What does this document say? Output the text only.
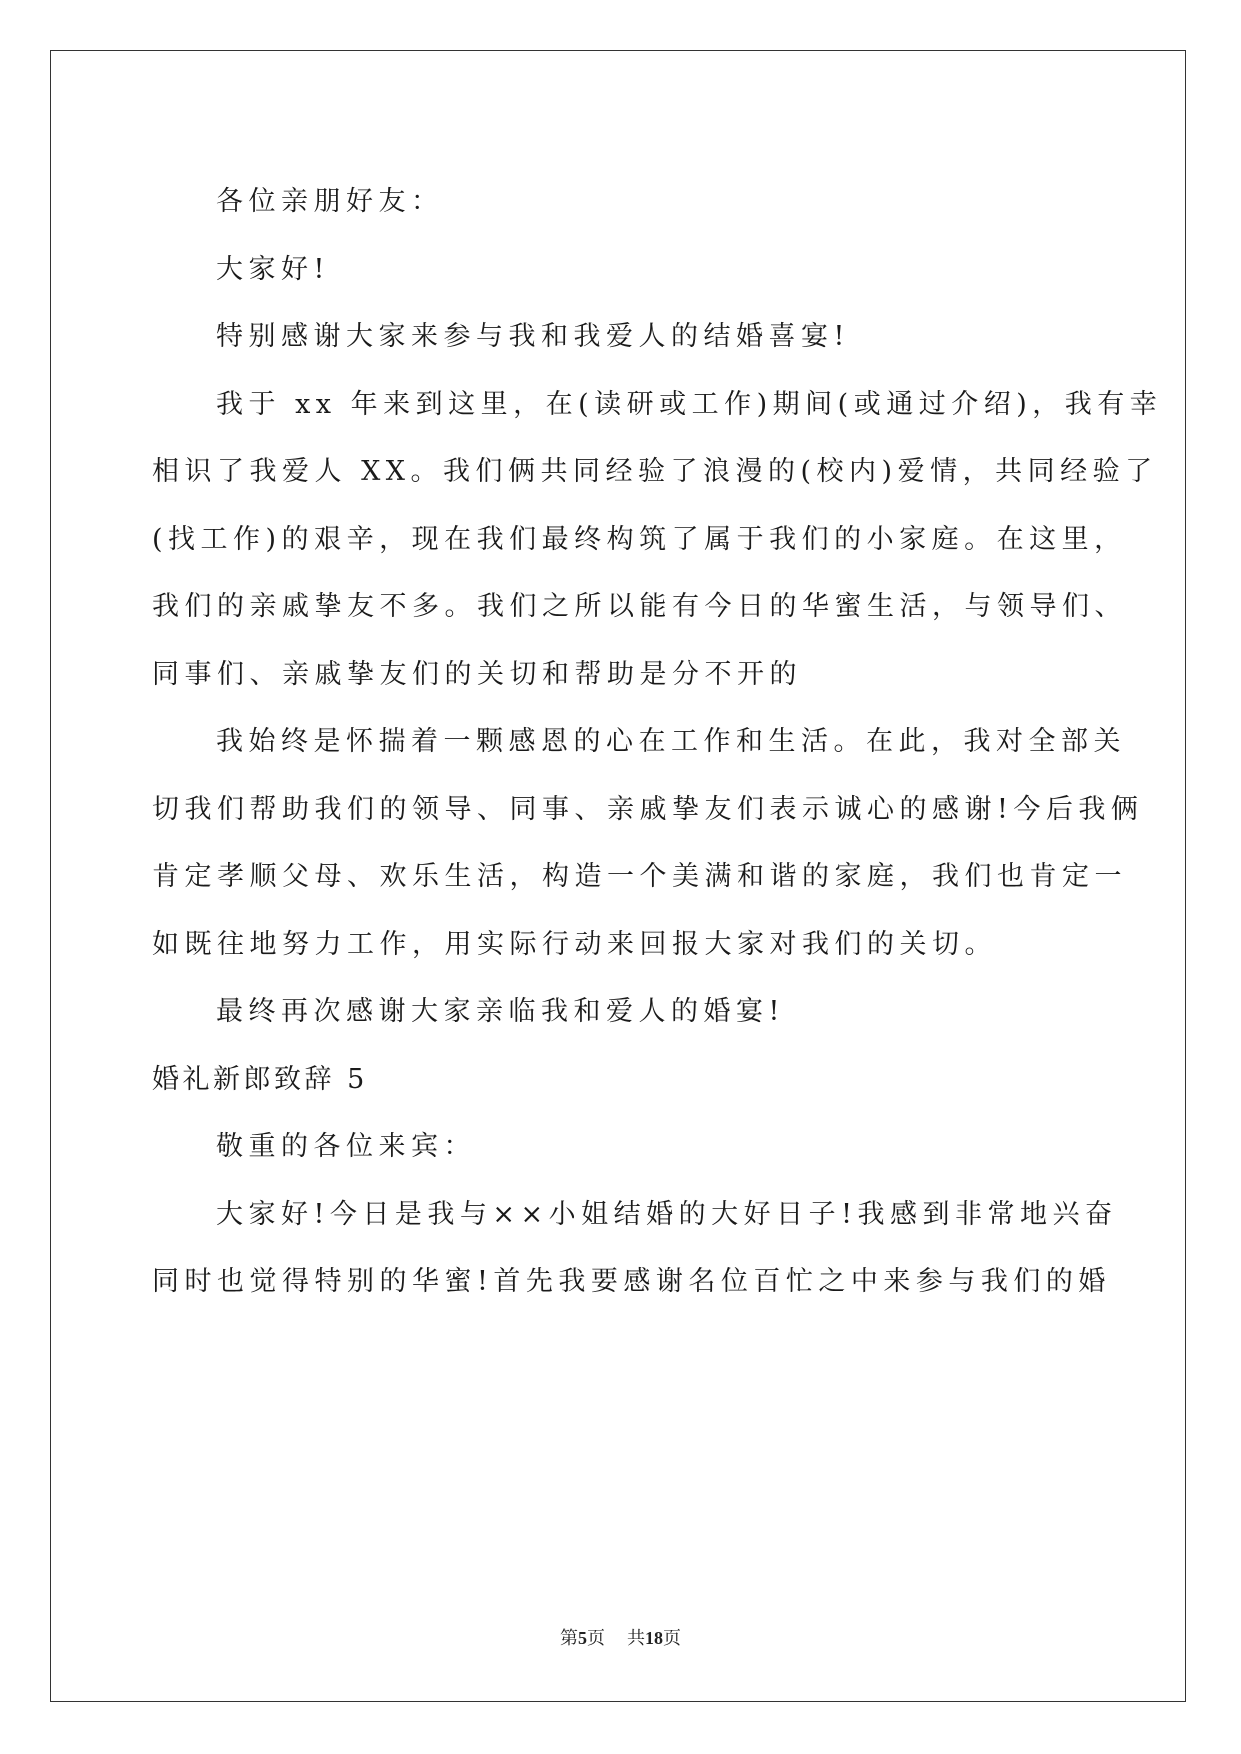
各位亲朋好友：
大家好!
特别感谢大家来参与我和我爱人的结婚喜宴!
我于 xx 年来到这里，在(读研或工作)期间(或通过介绍)，我有幸
相识了我爱人 XX。我们俩共同经验了浪漫的(校内)爱情，共同经验了
(找工作)的艰辛，现在我们最终构筑了属于我们的小家庭。在这里，
我们的亲戚挚友不多。我们之所以能有今日的华蜜生活，与领导们、
同事们、亲戚挚友们的关切和帮助是分不开的
我始终是怀揣着一颗感恩的心在工作和生活。在此，我对全部关
切我们帮助我们的领导、同事、亲戚挚友们表示诚心的感谢!今后我俩
肯定孝顺父母、欢乐生活，构造一个美满和谐的家庭，我们也肯定一
如既往地努力工作，用实际行动来回报大家对我们的关切。
最终再次感谢大家亲临我和爱人的婚宴!
婚礼新郎致辞 5
敬重的各位来宾：
大家好!今日是我与××小姐结婚的大好日子!我感到非常地兴奋
同时也觉得特别的华蜜!首先我要感谢名位百忙之中来参与我们的婚
第5页 共18页
